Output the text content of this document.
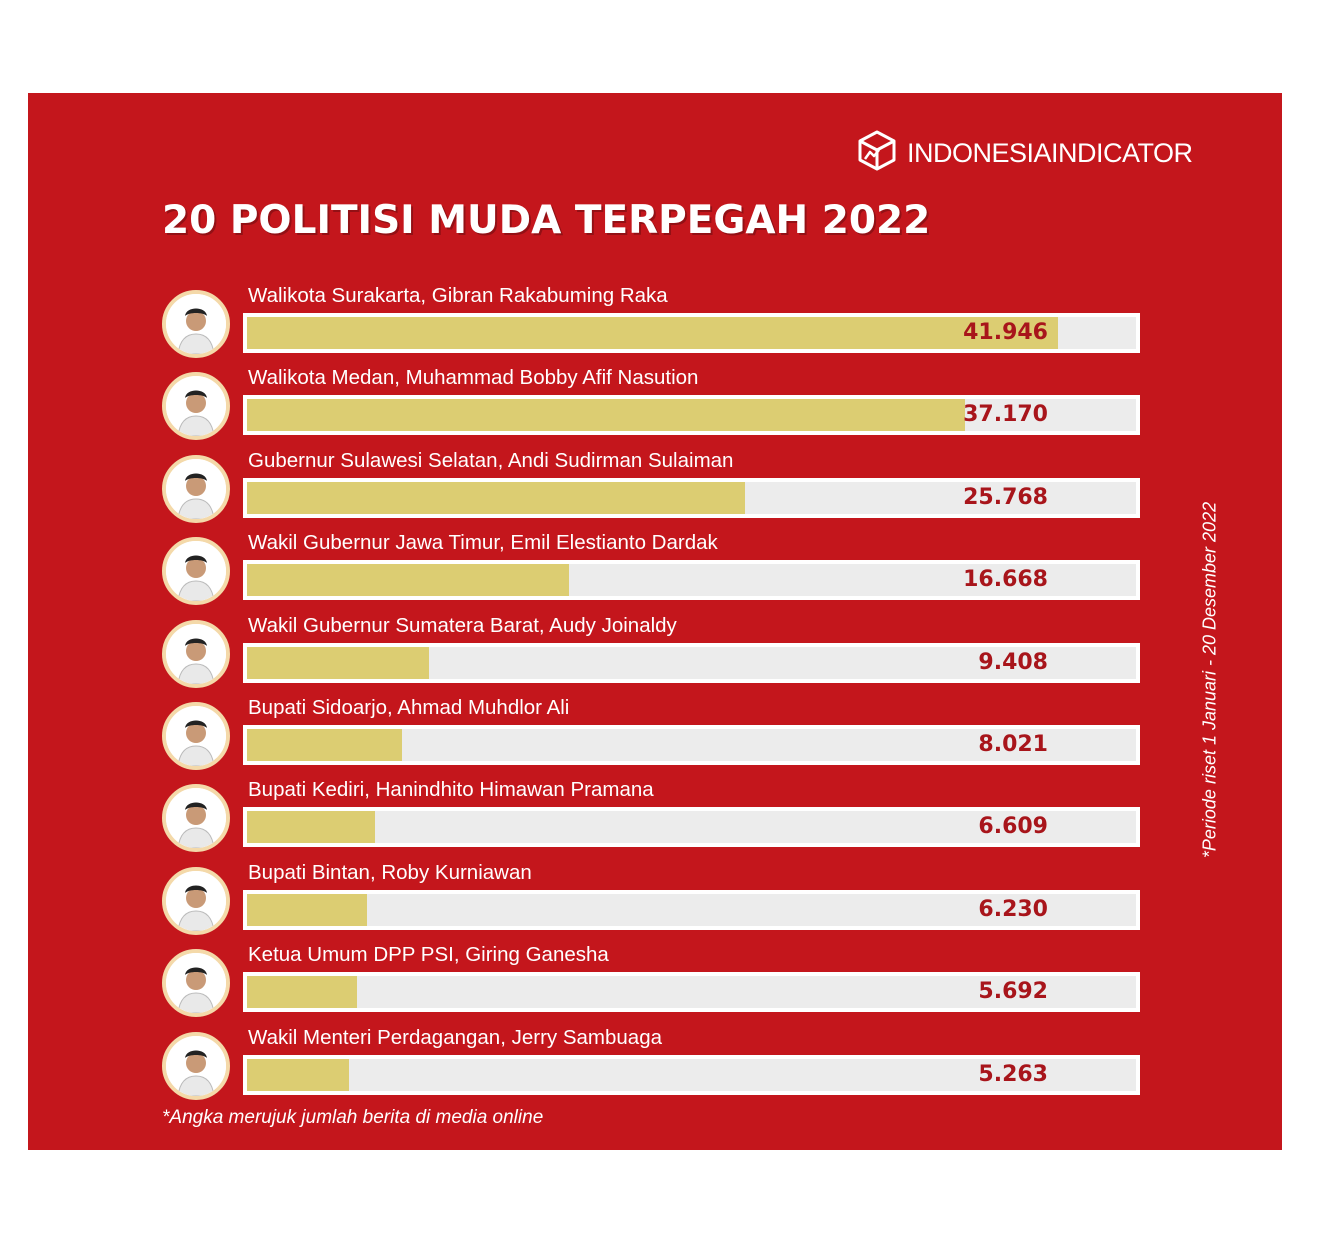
INDONESIAINDICATOR
20 POLITISI MUDA TERPEGAH 2022
Walikota Surakarta, Gibran Rakabuming Raka
41.946
Walikota Medan, Muhammad Bobby Afif Nasution
37.170
Gubernur Sulawesi Selatan, Andi Sudirman Sulaiman
25.768
Wakil Gubernur Jawa Timur, Emil Elestianto Dardak
16.668
Wakil Gubernur Sumatera Barat, Audy Joinaldy
9.408
Bupati Sidoarjo, Ahmad Muhdlor Ali
8.021
Bupati Kediri, Hanindhito Himawan Pramana
6.609
Bupati Bintan, Roby Kurniawan
6.230
Ketua Umum DPP PSI, Giring Ganesha
5.692
Wakil Menteri Perdagangan, Jerry Sambuaga
5.263
*Angka merujuk jumlah berita di media online
*Periode riset 1 Januari - 20 Desember 2022
